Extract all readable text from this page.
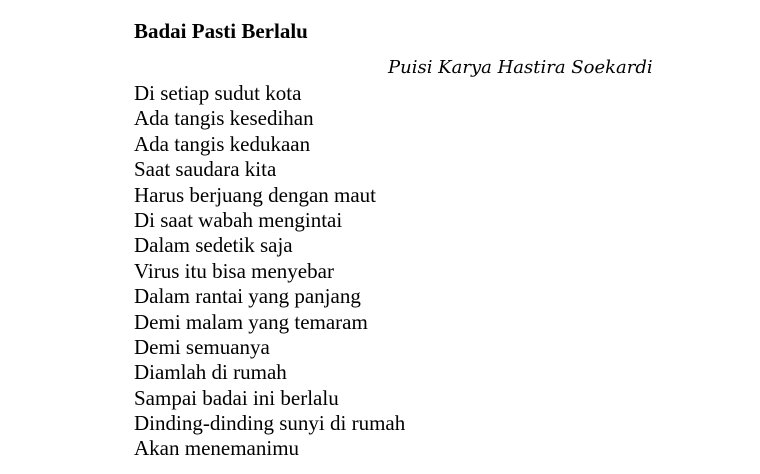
Badai Pasti Berlalu

Puisi Karya Hastira Soekardi

Di setiap sudut kota
Ada tangis kesedihan
Ada tangis kedukaan
Saat saudara kita
Harus berjuang dengan maut
Di saat wabah mengintai
Dalam sedetik saja
Virus itu bisa menyebar
Dalam rantai yang panjang
Demi malam yang temaram
Demi semuanya
Diamlah di rumah
Sampai badai ini berlalu
Dinding-dinding sunyi di rumah
Akan menemanimu
